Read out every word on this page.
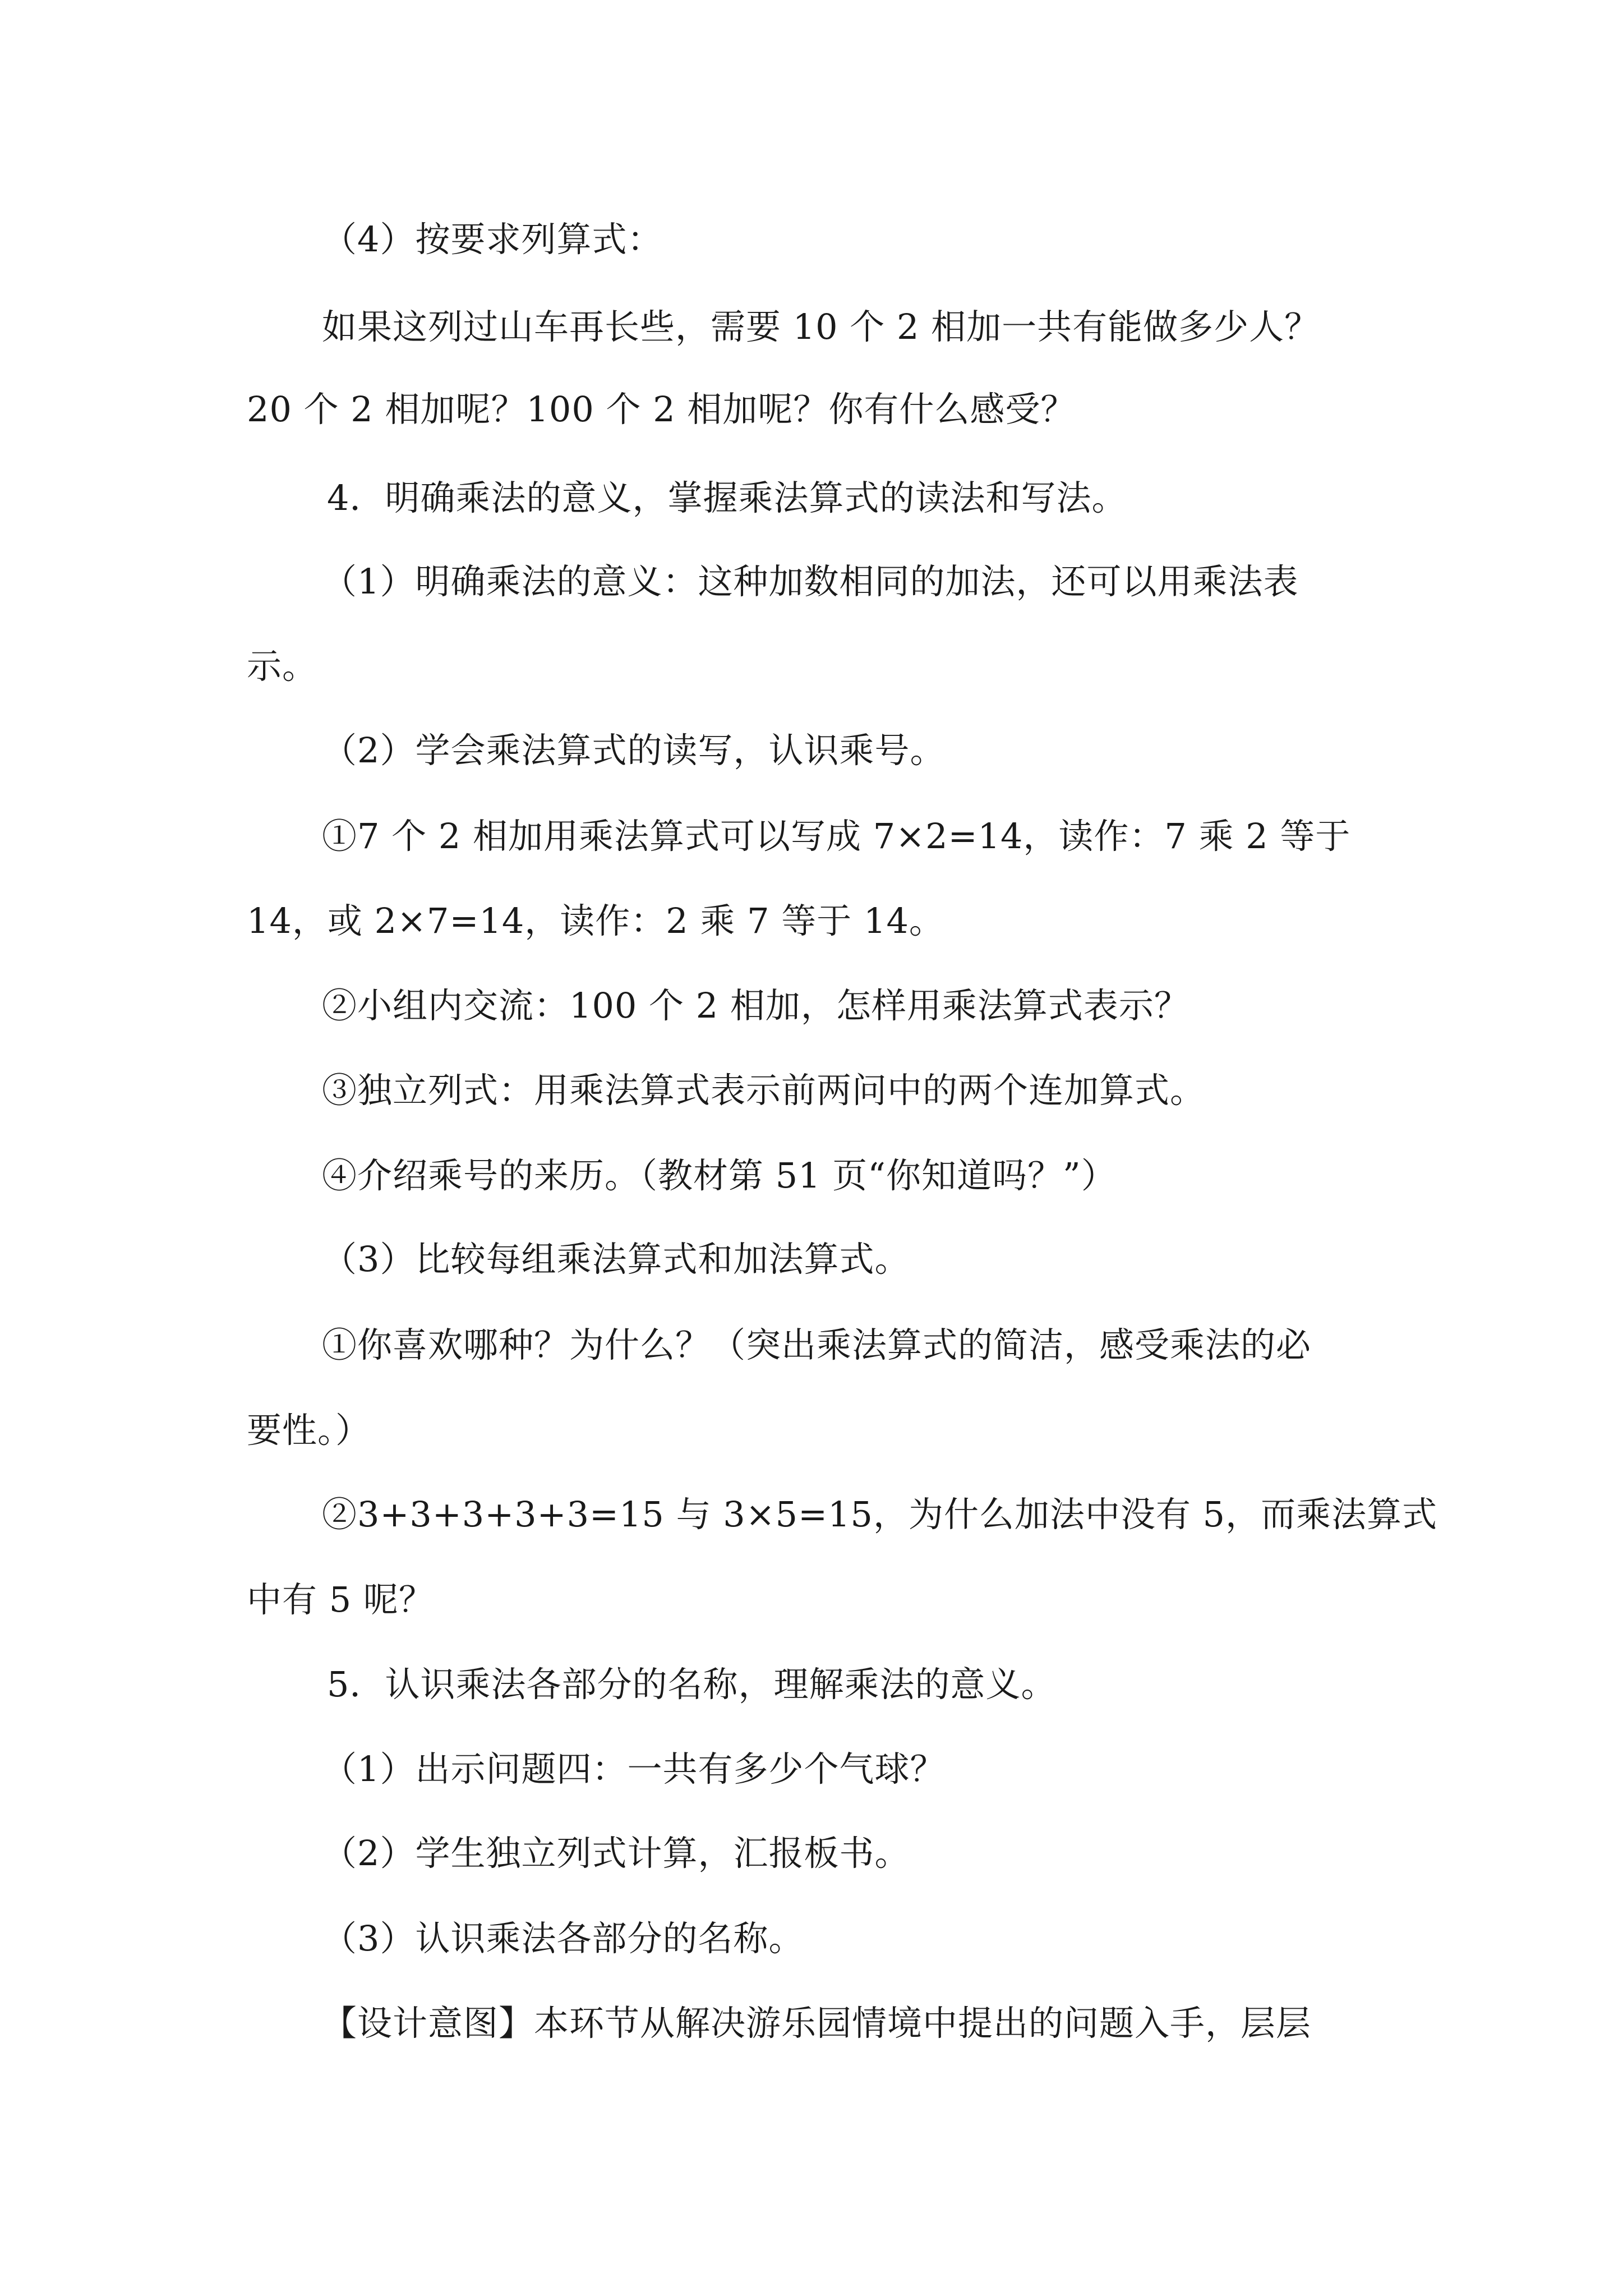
（4）按要求列算式：
如果这列过山车再长些，需要 10 个 2 相加一共有能做多少人？
20 个 2 相加呢？100 个 2 相加呢？你有什么感受？
4．明确乘法的意义，掌握乘法算式的读法和写法。
（1）明确乘法的意义：这种加数相同的加法，还可以用乘法表
示。
（2）学会乘法算式的读写，认识乘号。
①7 个 2 相加用乘法算式可以写成 7×2=14，读作：7 乘 2 等于
14，或 2×7=14，读作：2 乘 7 等于 14。
②小组内交流：100 个 2 相加，怎样用乘法算式表示？
③独立列式：用乘法算式表示前两问中的两个连加算式。
④介绍乘号的来历。（教材第 51 页“你知道吗？”）
（3）比较每组乘法算式和加法算式。
①你喜欢哪种？为什么？（突出乘法算式的简洁，感受乘法的必
要性。）
②3+3+3+3+3=15 与 3×5=15，为什么加法中没有 5，而乘法算式
中有 5 呢？
5．认识乘法各部分的名称，理解乘法的意义。
（1）出示问题四：一共有多少个气球？
（2）学生独立列式计算，汇报板书。
（3）认识乘法各部分的名称。
【设计意图】本环节从解决游乐园情境中提出的问题入手，层层
